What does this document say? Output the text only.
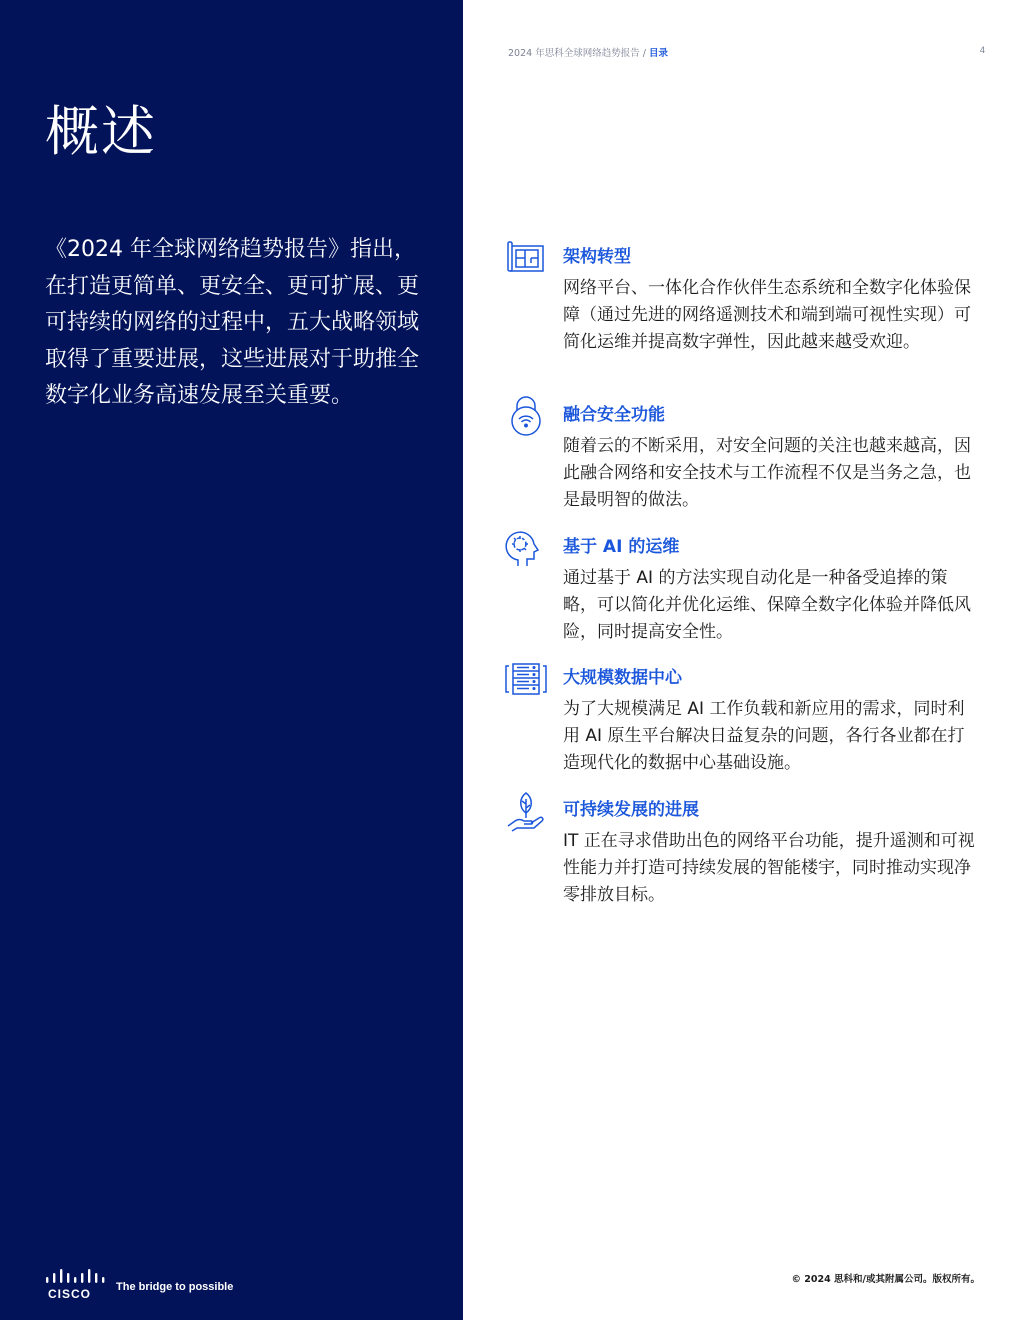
概述

《2024 年全球网络趋势报告》指出，在打造更简单、更安全、更可扩展、更可持续的网络的过程中，五大战略领域取得了重要进展，这些进展对于助推全数字化业务高速发展至关重要。

CISCO The bridge to possible
2024 年思科全球网络趋势报告 / 目录	4
架构转型

网络平台、一体化合作伙伴生态系统和全数字化体验保障（通过先进的网络遥测技术和端到端可视性实现）可简化运维并提高数字弹性，因此越来越受欢迎。

融合安全功能

随着云的不断采用，对安全问题的关注也越来越高，因此融合网络和安全技术与工作流程不仅是当务之急，也是最明智的做法。

基于 AI 的运维

通过基于 AI 的方法实现自动化是一种备受追捧的策略，可以简化并优化运维、保障全数字化体验并降低风险，同时提高安全性。

大规模数据中心

为了大规模满足 AI 工作负载和新应用的需求，同时利用 AI 原生平台解决日益复杂的问题，各行各业都在打造现代化的数据中心基础设施。

可持续发展的进展

IT 正在寻求借助出色的网络平台功能，提升遥测和可视性能力并打造可持续发展的智能楼宇，同时推动实现净零排放目标。

© 2024 思科和/或其附属公司。版权所有。
